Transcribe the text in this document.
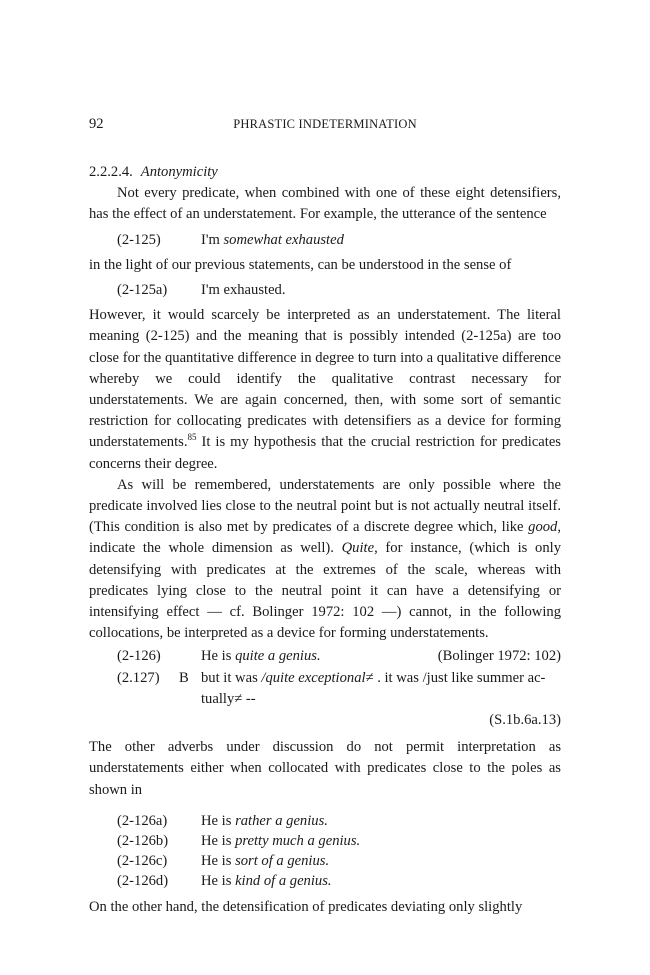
92	PHRASTIC INDETERMINATION
2.2.2.4. Antonymicity

Not every predicate, when combined with one of these eight detensifiers, has the effect of an understatement. For example, the utterance of the sentence

(2-125)	I'm somewhat exhausted

in the light of our previous statements, can be understood in the sense of

(2-125a)	I'm exhausted.

However, it would scarcely be interpreted as an understatement. The literal meaning (2-125) and the meaning that is possibly intended (2-125a) are too close for the quantitative difference in degree to turn into a qualitative difference whereby we could identify the qualitative contrast necessary for understatements. We are again concerned, then, with some sort of semantic restriction for collocating predicates with detensifiers as a device for forming understatements.$^{85}$ It is my hypothesis that the crucial restriction for predicates concerns their degree.

As will be remembered, understatements are only possible where the predicate involved lies close to the neutral point but is not actually neutral itself. (This condition is also met by predicates of a discrete degree which, like good, indicate the whole dimension as well). Quite, for instance, (which is only detensifying with predicates at the extremes of the scale, whereas with predicates lying close to the neutral point it can have a detensifying or intensifying effect — cf. Bolinger 1972: 102 —) cannot, in the following collocations, be interpreted as a device for forming understatements.

(2-126)	He is quite a genius.	(Bolinger 1972: 102)
(2.127)	B but it was /quite exceptional≠ . it was /just like summer ac-
tually≠ --
(S.1b.6a.13)

The other adverbs under discussion do not permit interpretation as understatements either when collocated with predicates close to the poles as shown in

(2-126a)	He is rather a genius.
(2-126b)	He is pretty much a genius.
(2-126c)	He is sort of a genius.
(2-126d)	He is kind of a genius.

On the other hand, the detensification of predicates deviating only slightly
